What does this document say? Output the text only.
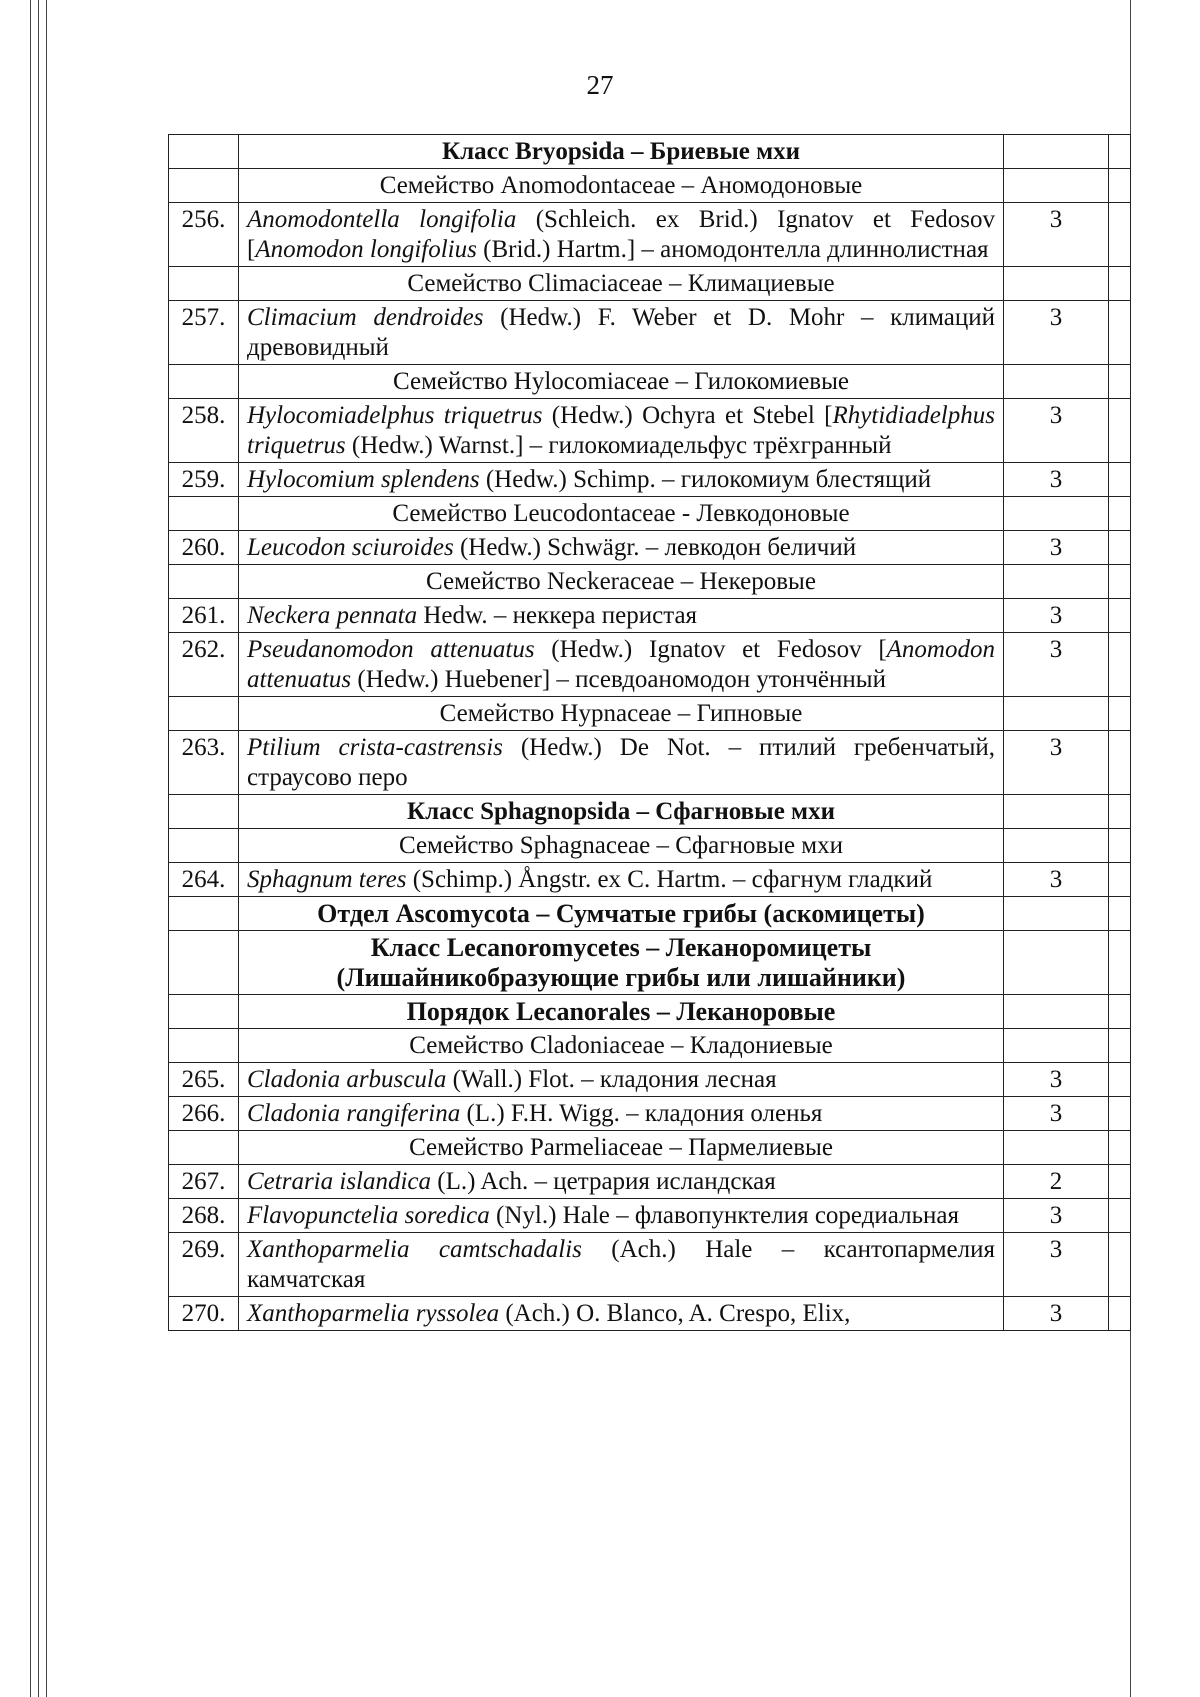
27
	Класс Bryopsida – Бриевые мхи		
	Семейство Anomodontaceae – Аномодоновые		
256.	Anomodontella longifolia (Schleich. ex Brid.) Ignatov et Fedosov [Anomodon longifolius (Brid.) Hartm.] – аномодонтелла длиннолистная	3	
	Семейство Climaciaceae – Климациевые		
257.	Climacium dendroides (Hedw.) F. Weber et D. Mohr – климаций древовидный	3	
	Семейство Hylocomiaceae – Гилокомиевые		
258.	Hylocomiadelphus triquetrus (Hedw.) Ochyra et Stebel [Rhytidiadelphus triquetrus (Hedw.) Warnst.] – гилокомиадельфус трёхгранный	3	
259.	Hylocomium splendens (Hedw.) Schimp. – гилокомиум блестящий	3	
	Семейство Leucodontaceae - Левкодоновые		
260.	Leucodon sciuroides (Hedw.) Schwägr. – левкодон беличий	3	
	Семейство Neckeraceae – Некеровые		
261.	Neckera pennata Hedw. – неккера перистая	3	
262.	Pseudanomodon attenuatus (Hedw.) Ignatov et Fedosov [Anomodon attenuatus (Hedw.) Huebener] – псевдоаномодон утончённый	3	
	Семейство Hypnaceae – Гипновые		
263.	Ptilium crista-castrensis (Hedw.) De Not. – птилий гребенчатый, страусово перо	3	
	Класс Sphagnopsida – Сфагновые мхи		
	Семейство Sphagnaceae – Сфагновые мхи		
264.	Sphagnum teres (Schimp.) Ångstr. ex C. Hartm. – сфагнум гладкий	3	
	Отдел Ascomycota – Сумчатые грибы (аскомицеты)		
	Класс Lecanoromycetes – Леканоромицеты (Лишайникобразующие грибы или лишайники)		
	Порядок Lecanorales – Леканоровые		
	Семейство Cladoniaceae – Кладониевые		
265.	Cladonia arbuscula (Wall.) Flot. – кладония лесная	3	
266.	Cladonia rangiferina (L.) F.H. Wigg. – кладония оленья	3	
	Семейство Parmeliaceae – Пармелиевые		
267.	Cetraria islandica (L.) Ach. – цетрария исландская	2	
268.	Flavopunctelia soredica (Nyl.) Hale – флавопунктелия соредиальная	3	
269.	Xanthoparmelia camtschadalis (Ach.) Hale – ксантопармелия камчатская	3	
270.	Xanthoparmelia ryssolea (Ach.) O. Blanco, A. Crespo, Elix,	3	
